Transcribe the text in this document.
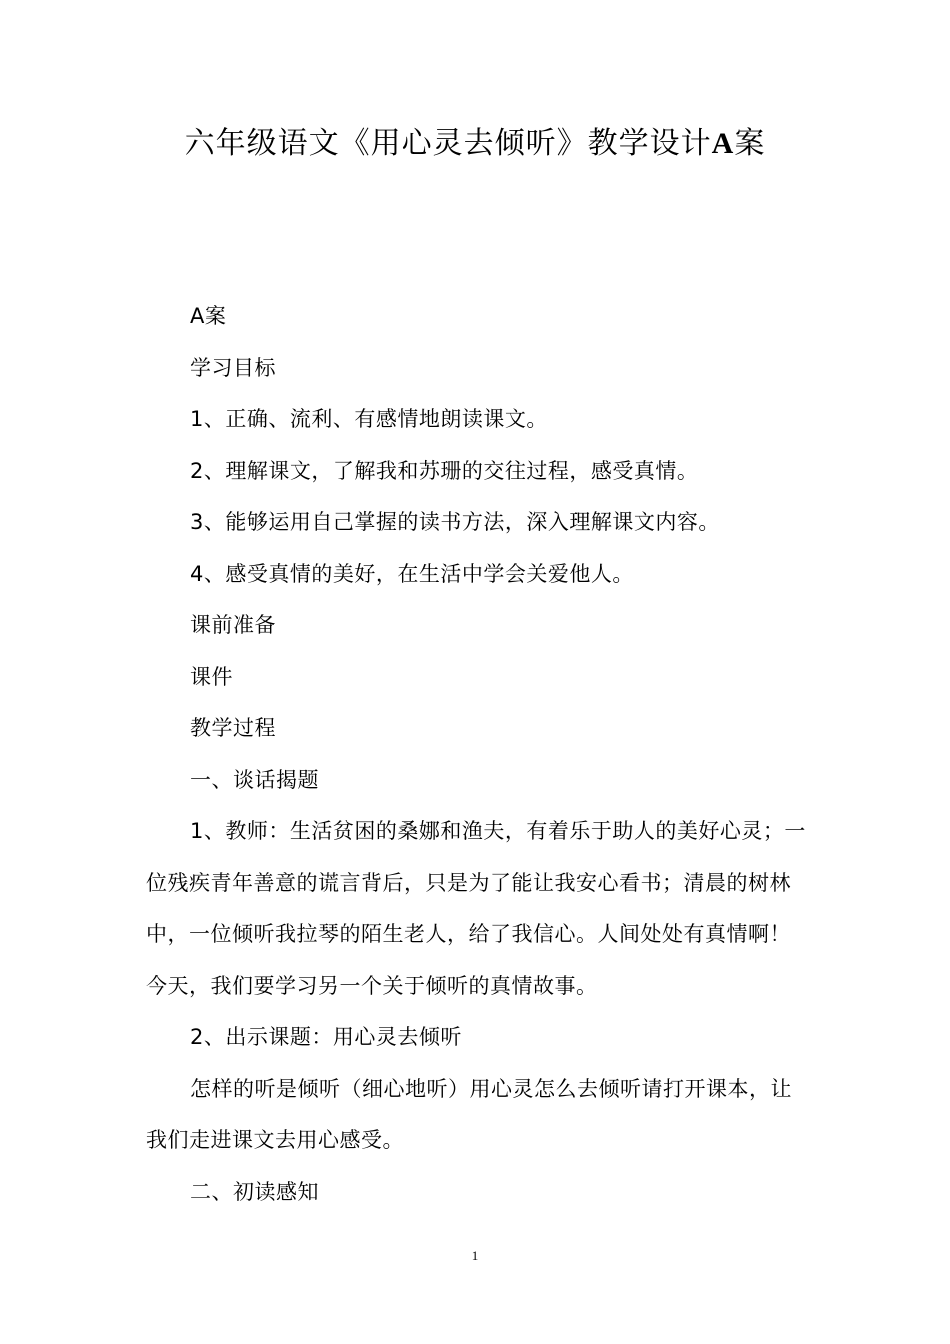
六年级语文《用心灵去倾听》教学设计A案

A案

学习目标

1、正确、流利、有感情地朗读课文。

2、理解课文，了解我和苏珊的交往过程，感受真情。

3、能够运用自己掌握的读书方法，深入理解课文内容。

4、感受真情的美好，在生活中学会关爱他人。

课前准备

课件

教学过程

一、谈话揭题

1、教师：生活贫困的桑娜和渔夫，有着乐于助人的美好心灵；一位残疾青年善意的谎言背后，只是为了能让我安心看书；清晨的树林中，一位倾听我拉琴的陌生老人，给了我信心。人间处处有真情啊！今天，我们要学习另一个关于倾听的真情故事。

2、出示课题：用心灵去倾听

怎样的听是倾听（细心地听）用心灵怎么去倾听请打开课本，让我们走进课文去用心感受。

二、初读感知

1
